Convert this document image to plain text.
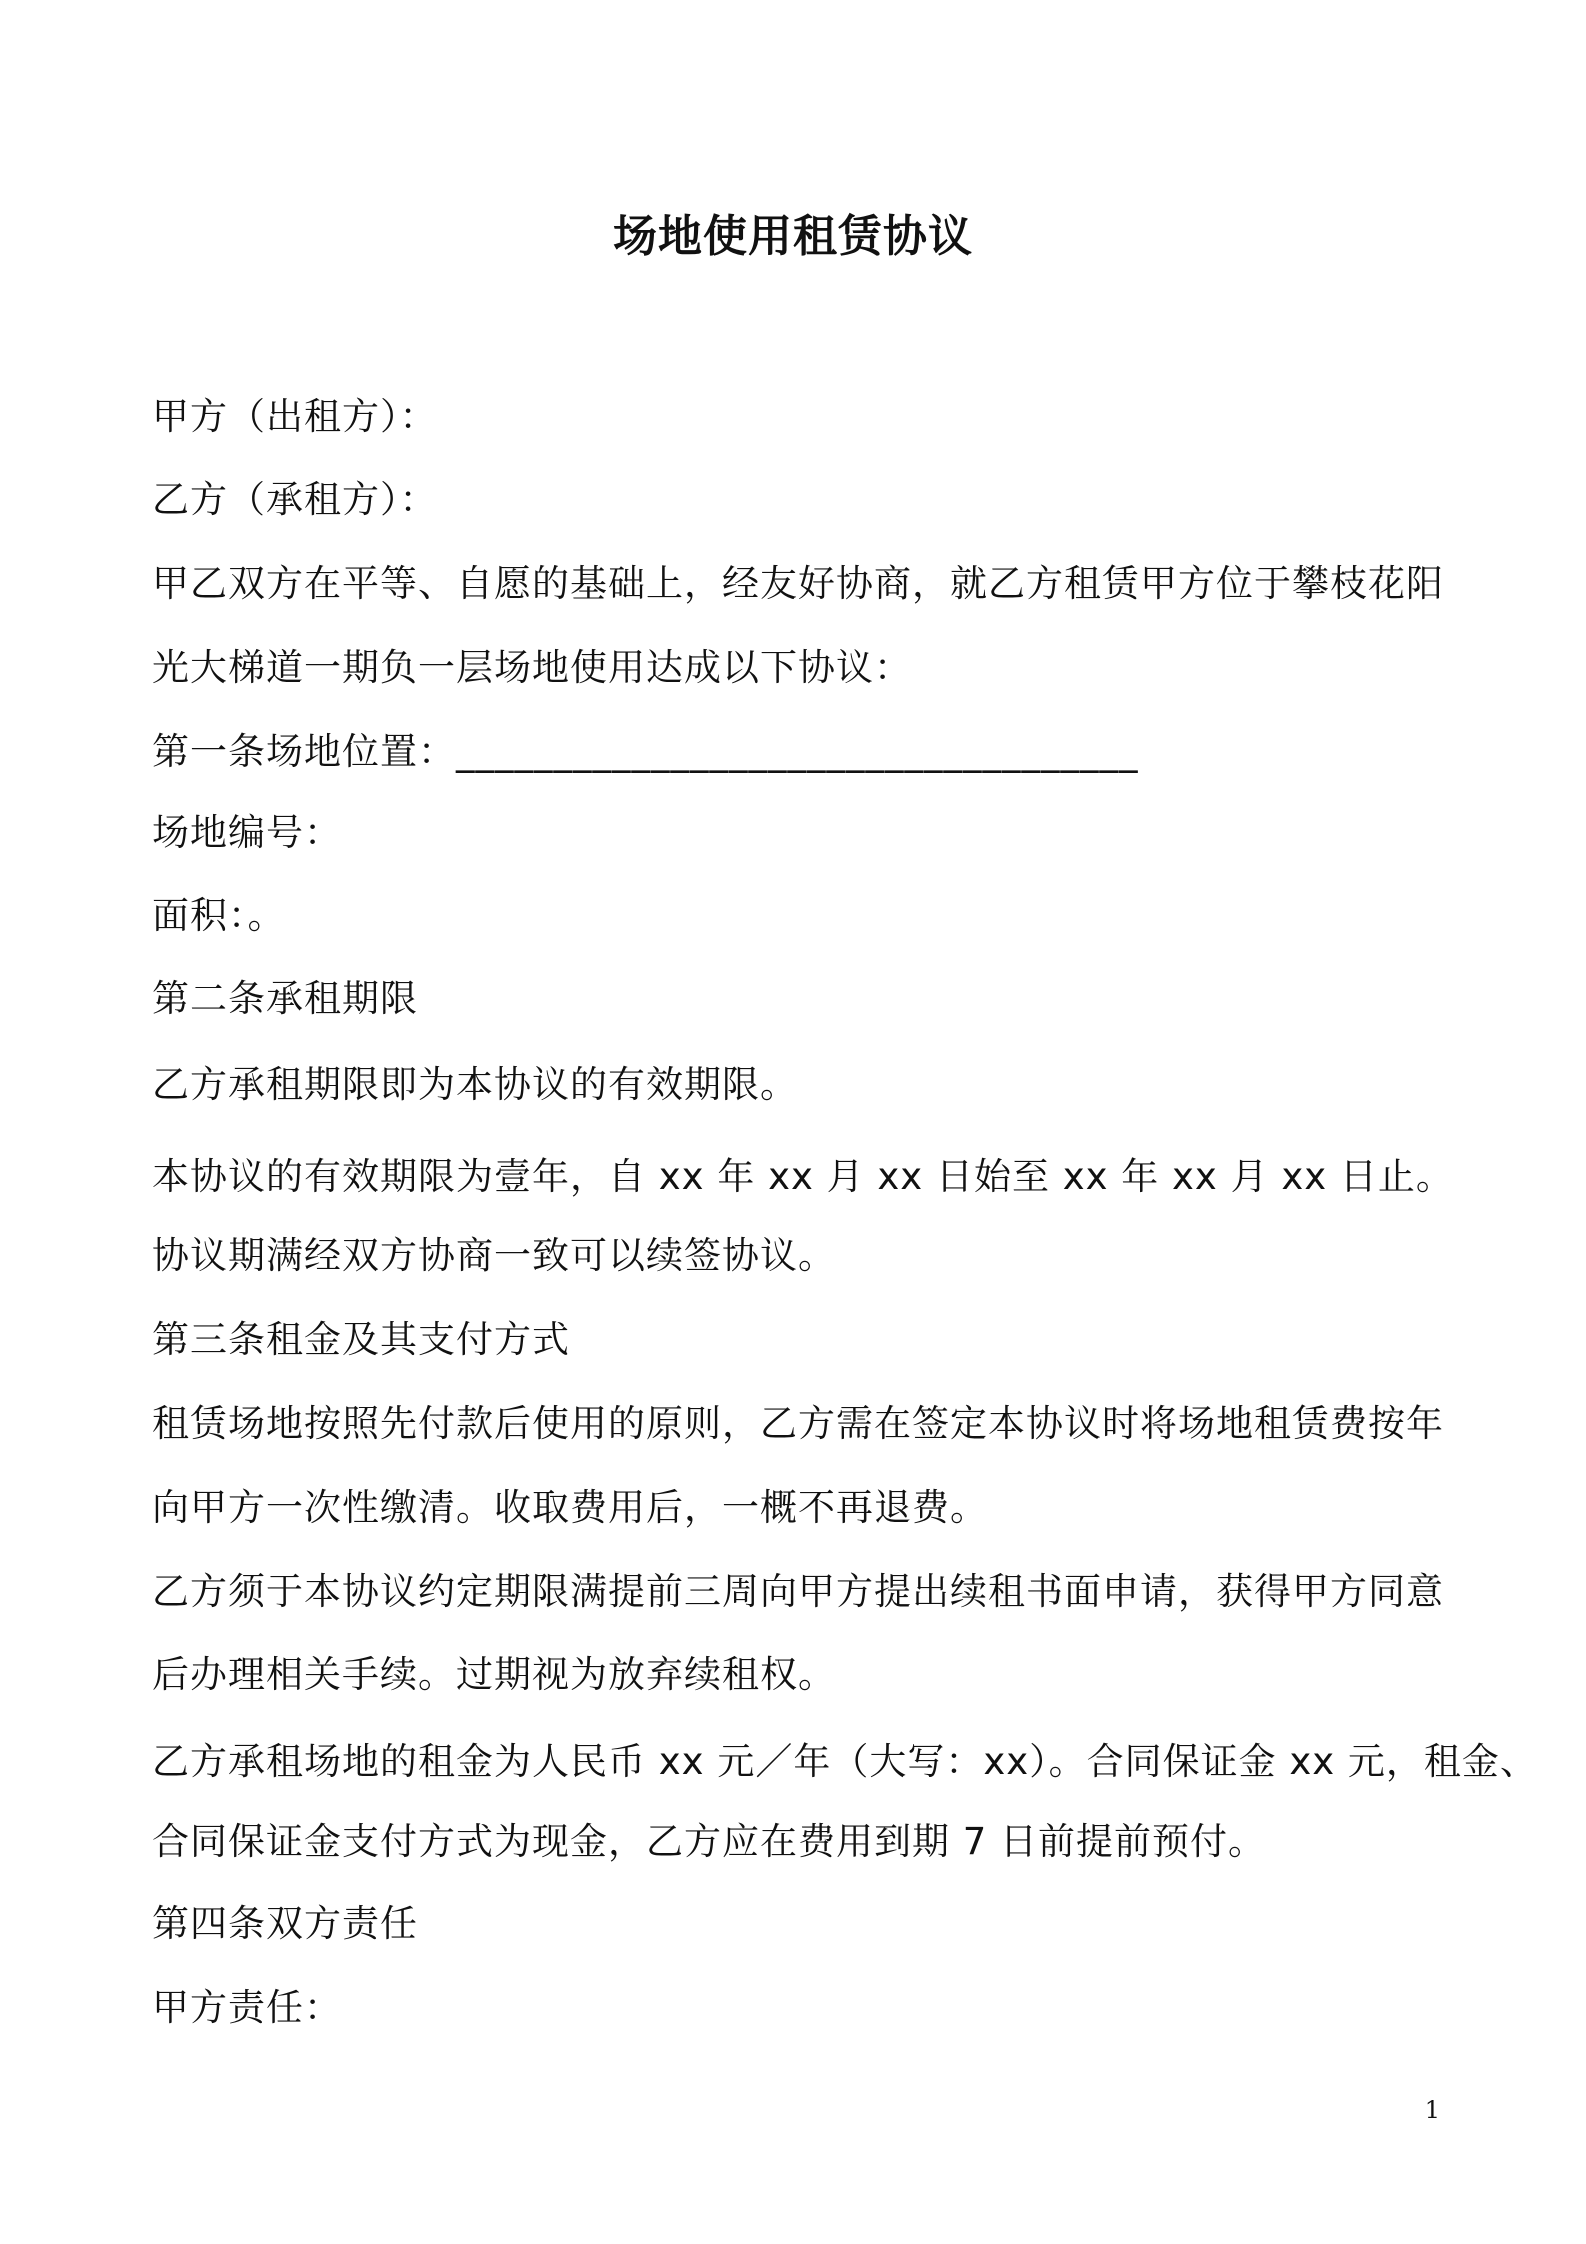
场地使用租赁协议
甲方（出租方）：
乙方（承租方）：
甲乙双方在平等、自愿的基础上，经友好协商，就乙方租赁甲方位于攀枝花阳
光大梯道一期负一层场地使用达成以下协议：
第一条场地位置：___________________________________
场地编号：
面积：。
第二条承租期限
乙方承租期限即为本协议的有效期限。
本协议的有效期限为壹年，自 xx 年 xx 月 xx 日始至 xx 年 xx 月 xx 日止。
协议期满经双方协商一致可以续签协议。
第三条租金及其支付方式
租赁场地按照先付款后使用的原则，乙方需在签定本协议时将场地租赁费按年
向甲方一次性缴清。收取费用后，一概不再退费。
乙方须于本协议约定期限满提前三周向甲方提出续租书面申请，获得甲方同意
后办理相关手续。过期视为放弃续租权。
乙方承租场地的租金为人民币 xx 元／年（大写：xx）。合同保证金 xx 元，租金、
合同保证金支付方式为现金，乙方应在费用到期 7 日前提前预付。
第四条双方责任
甲方责任：
1
